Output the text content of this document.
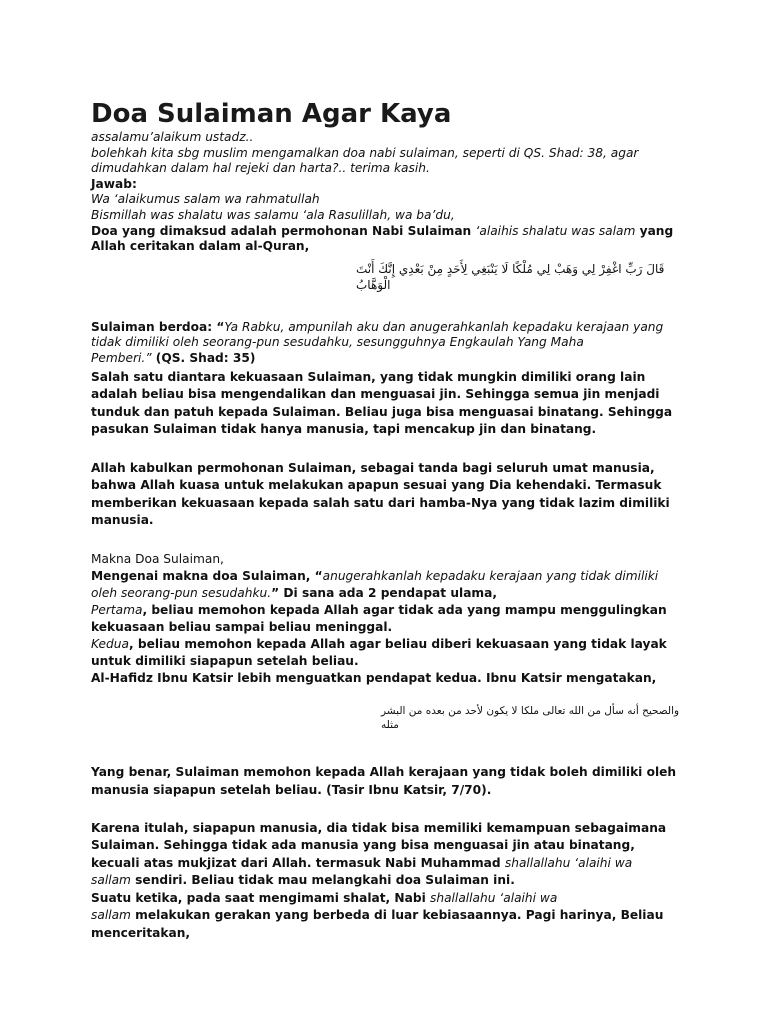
Doa Sulaiman Agar Kaya

assalamu’alaikum ustadz..

bolehkah kita sbg muslim mengamalkan doa nabi sulaiman, seperti di QS. Shad: 38, agar

dimudahkan dalam hal rejeki dan harta?.. terima kasih.

Jawab:

Wa ‘alaikumus salam wa rahmatullah

Bismillah was shalatu was salamu ‘ala Rasulillah, wa ba’du,

Doa yang dimaksud adalah permohonan Nabi Sulaiman ‘alaihis shalatu was salam yang

Allah ceritakan dalam al-Quran,

قَالَ رَبِّ اغْفِرْ لِي وَهَبْ لِي مُلْكًا لَا يَنْبَغِي لِأَحَدٍ مِنْ بَعْدِي إِنَّكَ أَنْتَ الْوَهَّابُ

Sulaiman berdoa: “Ya Rabku, ampunilah aku dan anugerahkanlah kepadaku kerajaan yang

tidak dimiliki oleh seorang-pun sesudahku, sesungguhnya Engkaulah Yang Maha

Pemberi.” (QS. Shad: 35)

Salah satu diantara kekuasaan Sulaiman, yang tidak mungkin dimiliki orang lain

adalah beliau bisa mengendalikan dan menguasai jin. Sehingga semua jin menjadi

tunduk dan patuh kepada Sulaiman. Beliau juga bisa menguasai binatang. Sehingga

pasukan Sulaiman tidak hanya manusia, tapi mencakup jin dan binatang.

Allah kabulkan permohonan Sulaiman, sebagai tanda bagi seluruh umat manusia,

bahwa Allah kuasa untuk melakukan apapun sesuai yang Dia kehendaki. Termasuk

memberikan kekuasaan kepada salah satu dari hamba-Nya yang tidak lazim dimiliki

manusia.

Makna Doa Sulaiman,

Mengenai makna doa Sulaiman, “anugerahkanlah kepadaku kerajaan yang tidak dimiliki

oleh seorang-pun sesudahku.” Di sana ada 2 pendapat ulama,

Pertama, beliau memohon kepada Allah agar tidak ada yang mampu menggulingkan

kekuasaan beliau sampai beliau meninggal.

Kedua, beliau memohon kepada Allah agar beliau diberi kekuasaan yang tidak layak

untuk dimiliki siapapun setelah beliau.

Al-Hafidz Ibnu Katsir lebih menguatkan pendapat kedua. Ibnu Katsir mengatakan,

والصحيح أنه سأل من الله تعالى ملكا لا يكون لأحد من بعده من البشر مثله

Yang benar, Sulaiman memohon kepada Allah kerajaan yang tidak boleh dimiliki oleh

manusia siapapun setelah beliau. (Tasir Ibnu Katsir, 7/70).

Karena itulah, siapapun manusia, dia tidak bisa memiliki kemampuan sebagaimana

Sulaiman. Sehingga tidak ada manusia yang bisa menguasai jin atau binatang,

kecuali atas mukjizat dari Allah. termasuk Nabi Muhammad shallallahu ‘alaihi wa

sallam sendiri. Beliau tidak mau melangkahi doa Sulaiman ini.

Suatu ketika, pada saat mengimami shalat, Nabi shallallahu ‘alaihi wa

sallam melakukan gerakan yang berbeda di luar kebiasaannya. Pagi harinya, Beliau

menceritakan,
